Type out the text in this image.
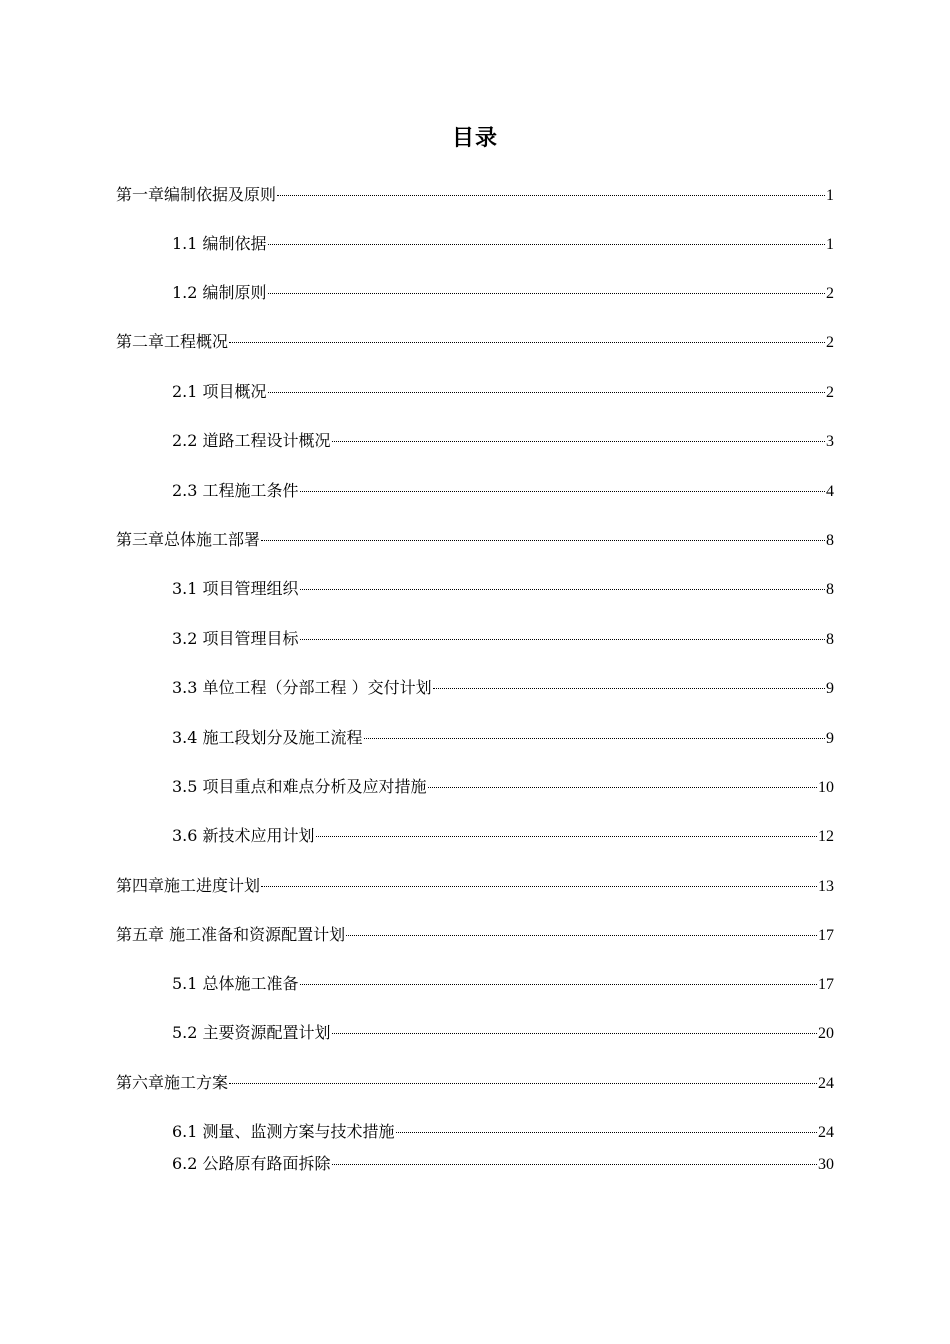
目录
第一章编制依据及原则	1
1.1 编制依据	1
1.2 编制原则	2
第二章工程概况	2
2.1 项目概况	2
2.2 道路工程设计概况	3
2.3 工程施工条件	4
第三章总体施工部署	8
3.1 项目管理组织	8
3.2 项目管理目标	8
3.3 单位工程（分部工程 ）交付计划	9
3.4 施工段划分及施工流程	9
3.5 项目重点和难点分析及应对措施	10
3.6 新技术应用计划	12
第四章施工进度计划	13
第五章 施工准备和资源配置计划	17
5.1 总体施工准备	17
5.2 主要资源配置计划	20
第六章施工方案	24
6.1 测量、监测方案与技术措施	24
6.2 公路原有路面拆除	30
